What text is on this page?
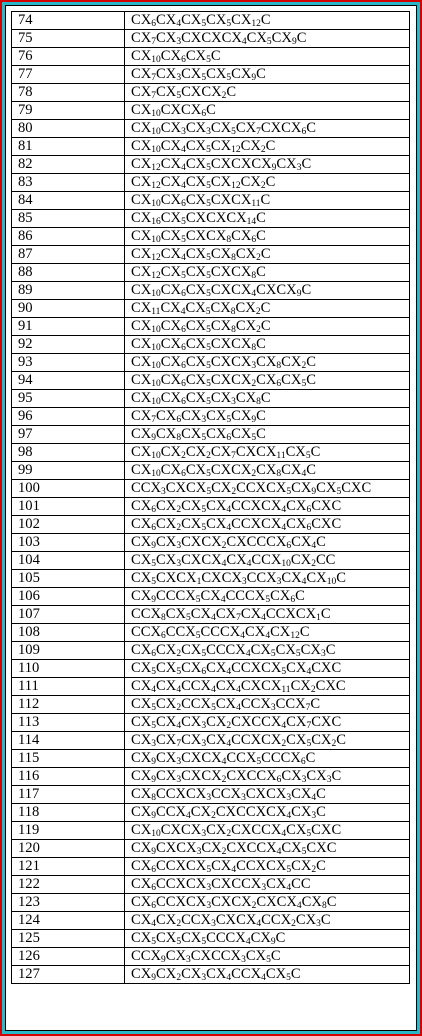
74	$CX_6CX_4CX_5CX_5CX_{12}C$
75	$CX_7CX_3CXCXCX_4CX_5CX_9C$
76	$CX_{10}CX_6CX_5C$
77	$CX_7CX_3CX_5CX_5CX_9C$
78	$CX_7CX_5CXCX_2C$
79	$CX_{10}CXCX_6C$
80	$CX_{10}CX_3CX_3CX_5CX_7CXCX_6C$
81	$CX_{10}CX_4CX_5CX_{12}CX_2C$
82	$CX_{12}CX_4CX_5CXCXCX_9CX_3C$
83	$CX_{12}CX_4CX_5CX_{12}CX_2C$
84	$CX_{10}CX_6CX_5CXCX_{11}C$
85	$CX_{16}CX_5CXCXCX_{14}C$
86	$CX_{10}CX_5CXCX_8CX_6C$
87	$CX_{12}CX_4CX_5CX_8CX_2C$
88	$CX_{12}CX_5CX_5CXCX_8C$
89	$CX_{10}CX_6CX_5CXCX_4CXCX_9C$
90	$CX_{11}CX_4CX_5CX_8CX_2C$
91	$CX_{10}CX_6CX_5CX_8CX_2C$
92	$CX_{10}CX_6CX_5CXCX_8C$
93	$CX_{10}CX_6CX_5CXCX_3CX_8CX_2C$
94	$CX_{10}CX_6CX_5CXCX_2CX_6CX_5C$
95	$CX_{10}CX_6CX_5CX_3CX_8C$
96	$CX_7CX_6CX_3CX_5CX_9C$
97	$CX_9CX_8CX_5CX_6CX_5C$
98	$CX_{10}CX_2CX_2CX_7CXCX_{11}CX_5C$
99	$CX_{10}CX_6CX_5CXCX_2CX_8CX_4C$
100	$CCX_3CXCX_5CX_2CCXCX_5CX_9CX_5CXC$
101	$CX_6CX_2CX_5CX_4CCXCX_4CX_6CXC$
102	$CX_6CX_2CX_5CX_4CCXCX_4CX_6CXC$
103	$CX_9CX_3CXCX_2CXCCCX_6CX_4C$
104	$CX_5CX_3CXCX_4CX_4CCX_{10}CX_2CC$
105	$CX_5CXCX_1CXCX_3CCX_3CX_4CX_{10}C$
106	$CX_9CCCX_5CX_4CCCX_5CX_6C$
107	$CCX_8CX_5CX_4CX_7CX_4CCXCX_1C$
108	$CCX_6CCX_5CCCX_4CX_4CX_{12}C$
109	$CX_6CX_2CX_5CCCX_4CX_5CX_5CX_3C$
110	$CX_5CX_5CX_6CX_4CCXCX_5CX_4CXC$
111	$CX_4CX_4CCX_4CX_4CXCX_{11}CX_2CXC$
112	$CX_5CX_2CCX_5CX_4CCX_3CCX_7C$
113	$CX_5CX_4CX_3CX_2CXCCX_4CX_7CXC$
114	$CX_3CX_7CX_3CX_4CCXCX_2CX_5CX_2C$
115	$CX_9CX_3CXCX_4CCX_5CCCX_6C$
116	$CX_9CX_3CXCX_2CXCCX_6CX_3CX_3C$
117	$CX_8CCXCX_3CCX_3CXCX_3CX_4C$
118	$CX_9CCX_4CX_2CXCCXCX_4CX_3C$
119	$CX_{10}CXCX_3CX_2CXCCX_4CX_5CXC$
120	$CX_9CXCX_3CX_2CXCCX_4CX_5CXC$
121	$CX_6CCXCX_5CX_4CCXCX_5CX_2C$
122	$CX_6CCXCX_3CXCCX_3CX_4CC$
123	$CX_6CCXCX_3CXCX_2CXCX_4CX_8C$
124	$CX_4CX_2CCX_3CXCX_4CCX_2CX_3C$
125	$CX_5CX_5CX_5CCCX_4CX_9C$
126	$CCX_9CX_3CXCCX_3CX_5C$
127	$CX_9CX_2CX_3CX_4CCX_4CX_5C$
